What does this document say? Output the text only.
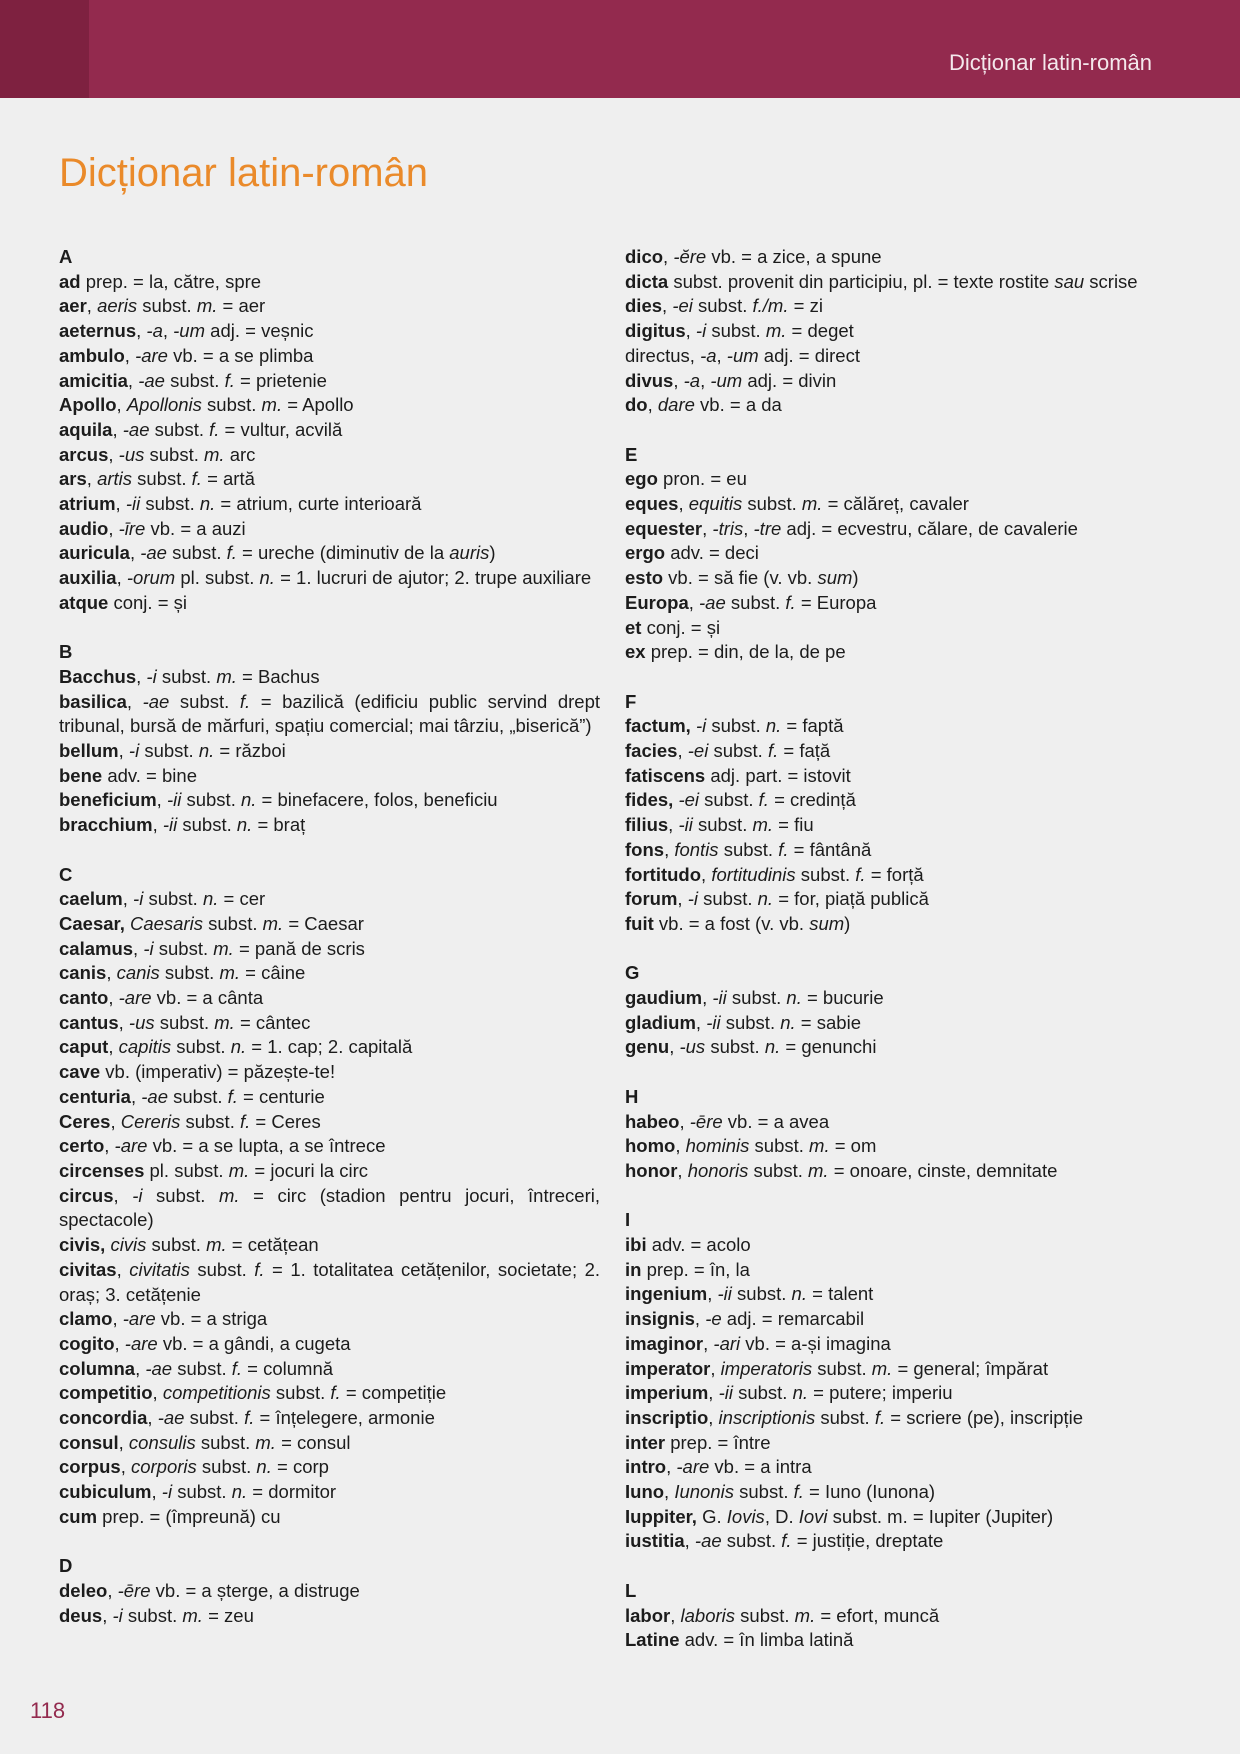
Dicționar latin-român
Dicționar latin-român
A
ad prep. = la, către, spre
aer, aeris subst. m. = aer
aeternus, -a, -um adj. = veșnic
ambulo, -are vb. = a se plimba
amicitia, -ae subst. f. = prietenie
Apollo, Apollonis subst. m. = Apollo
aquila, -ae subst. f. = vultur, acvilă
arcus, -us subst. m. arc
ars, artis subst. f. = artă
atrium, -ii subst. n. = atrium, curte interioară
audio, -īre vb. = a auzi
auricula, -ae subst. f. = ureche (diminutiv de la auris)
auxilia, -orum pl. subst. n. = 1. lucruri de ajutor; 2. trupe auxiliare
atque conj. = și
B
Bacchus, -i subst. m. = Bachus
basilica, -ae subst. f. = bazilică (edificiu public servind drept tribunal, bursă de mărfuri, spațiu comercial; mai târziu, „biserică”)
bellum, -i subst. n. = război
bene adv. = bine
beneficium, -ii subst. n. = binefacere, folos, beneficiu
bracchium, -ii subst. n. = braț
C
caelum, -i subst. n. = cer
Caesar, Caesaris subst. m. = Caesar
calamus, -i subst. m. = pană de scris
canis, canis subst. m. = câine
canto, -are vb. = a cânta
cantus, -us subst. m. = cântec
caput, capitis subst. n. = 1. cap; 2. capitală
cave vb. (imperativ) = păzește-te!
centuria, -ae subst. f. = centurie
Ceres, Cereris subst. f. = Ceres
certo, -are vb. = a se lupta, a se întrece
circenses pl. subst. m. = jocuri la circ
circus, -i subst. m. = circ (stadion pentru jocuri, întreceri, spectacole)
civis, civis subst. m. = cetățean
civitas, civitatis subst. f. = 1. totalitatea cetățenilor, societate; 2. oraș; 3. cetățenie
clamo, -are vb. = a striga
cogito, -are vb. = a gândi, a cugeta
columna, -ae subst. f. = columnă
competitio, competitionis subst. f. = competiție
concordia, -ae subst. f. = înțelegere, armonie
consul, consulis subst. m. = consul
corpus, corporis subst. n. = corp
cubiculum, -i subst. n. = dormitor
cum prep. = (împreună) cu
D
deleo, -ēre vb. = a șterge, a distruge
deus, -i subst. m. = zeu
dico, -ĕre vb. = a zice, a spune
dicta subst. provenit din participiu, pl. = texte rostite sau scrise
dies, -ei subst. f./m. = zi
digitus, -i subst. m. = deget
directus, -a, -um adj. = direct
divus, -a, -um adj. = divin
do, dare vb. = a da
E
ego pron. = eu
eques, equitis subst. m. = călăreț, cavaler
equester, -tris, -tre adj. = ecvestru, călare, de cavalerie
ergo adv. = deci
esto vb. = să fie (v. vb. sum)
Europa, -ae subst. f. = Europa
et conj. = și
ex prep. = din, de la, de pe
F
factum, -i subst. n. = faptă
facies, -ei subst. f. = față
fatiscens adj. part. = istovit
fides, -ei subst. f. = credință
filius, -ii subst. m. = fiu
fons, fontis subst. f. = fântână
fortitudo, fortitudinis subst. f. = forță
forum, -i subst. n. = for, piață publică
fuit vb. = a fost (v. vb. sum)
G
gaudium, -ii subst. n. = bucurie
gladium, -ii subst. n. = sabie
genu, -us subst. n. = genunchi
H
habeo, -ēre vb. = a avea
homo, hominis subst. m. = om
honor, honoris subst. m. = onoare, cinste, demnitate
I
ibi adv. = acolo
in prep. = în, la
ingenium, -ii subst. n. = talent
insignis, -e adj. = remarcabil
imaginor, -ari vb. = a-și imagina
imperator, imperatoris subst. m. = general; împărat
imperium, -ii subst. n. = putere; imperiu
inscriptio, inscriptionis subst. f. = scriere (pe), inscripție
inter prep. = între
intro, -are vb. = a intra
Iuno, Iunonis subst. f. = Iuno (Iunona)
Iuppiter, G. Iovis, D. Iovi subst. m. = Iupiter (Jupiter)
iustitia, -ae subst. f. = justiție, dreptate
L
labor, laboris subst. m. = efort, muncă
Latine adv. = în limba latină
118
